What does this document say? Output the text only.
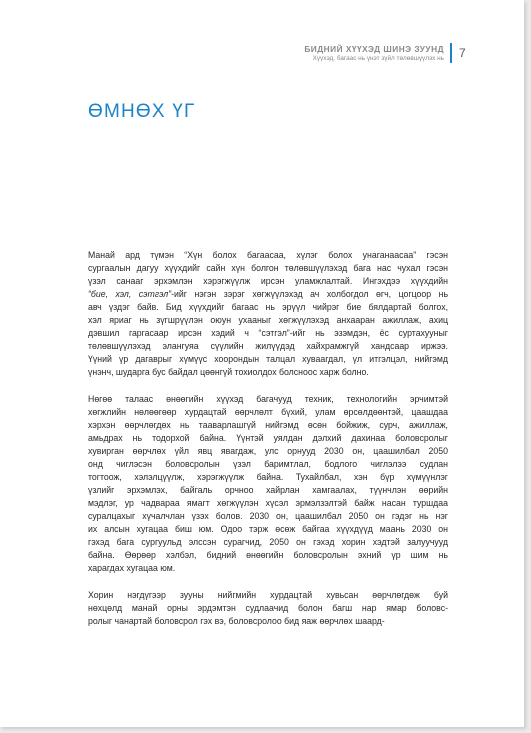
БИДНИЙ ХҮҮХЭД ШИНЭ ЗУУНД
Хүүхэд, багаас нь үнэт зүйл төлөвшүүлэх нь 7
ӨМНӨХ ҮГ

Манай ард түмэн “Хүн болох багаасаа, хүлэг болох унаганаасаа” гэсэн
сургаалын дагуу хүүхдийг сайн хүн болгон төлөвшүүлэхэд бага нас чухал гэсэн
үзэл санааг эрхэмлэн хэрэгжүүлж ирсэн уламжлалтай. Ингэхдээ хүүхдийн
“бие, хэл, сэтгэл”-ийг нэгэн зэрэг хөгжүүлэхэд ач холбогдол өгч, цогцоор нь
авч үздэг байв. Бид хүүхдийг багаас нь эрүүл чийрэг бие бялдартай болгох,
хэл яриаг нь зүгшрүүлэн оюун ухааныг хөгжүүлэхэд анхааран ажиллаж, ахиц
дэвшил гаргасаар ирсэн хэдий ч “сэтгэл”-ийг нь эзэмдэн, ёс суртахууныг
төлөвшүүлэхэд элангуяа сүүлийн жилүүдэд хайхрамжгүй хандсаар иржээ.
Үүний үр дагаврыг хүмүүс хоорондын талцал хуваагдал, үл итгэлцэл, нийгэмд
үнэнч, шударга бус байдал цөөнгүй тохиолдох болсноос харж болно.

Нөгөө талаас өнөөгийн хүүхэд багачууд техник, технологийн эрчимтэй
хөгжлийн нөлөөгөөр хурдацтай өөрчлөлт бүхий, улам өрсөлдөөнтэй, цаашдаа
хэрхэн өөрчлөгдөх нь тааварлашгүй нийгэмд өсөн бойжиж, сурч, ажиллаж,
амьдрах нь тодорхой байна. Үүнтэй уялдан дэлхий дахинаа боловсролыг
хувирган өөрчлөх үйл явц явагдаж, улс орнууд 2030 он, цаашилбал 2050
онд чиглэсэн боловсролын үзэл баримтлал, бодлого чиглэлээ судлан
тогтоож, хэлэлцүүлж, хэрэгжүүлж байна. Тухайлбал, хэн бүр хүмүүнлэг
үзлийг эрхэмлэх, байгаль орчноо хайрлан хамгаалах, түүнчлэн өөрийн
мэдлэг, ур чадвараа ямагт хөгжүүлэн хүсэл эрмэлзэлтэй байж насан туршдаа
суралцахыг хүчалчлан үзэх болов. 2030 он, цаашилбал 2050 он гэдэг нь нэг
их алсын хугацаа биш юм. Одоо тэрж өсөж байгаа хүүхдүүд маань 2030 он
гэхэд бага сургуульд элссэн сурагчид, 2050 он гэхэд хорин хэдтэй залуучууд
байна. Өөрөөр хэлбэл, бидний өнөөгийн боловсролын эхний үр шим нь
харагдах хугацаа юм.

Хорин нэгдүгээр зууны нийгмийн хурдацтай хувьсан өөрчлөгдөж буй
нөхцөлд манай орны эрдэмтэн судлаачид болон багш нар ямар боловс-
ролыг чанартай боловсрол гэх вэ, боловсролоо бид яаж өөрчлөх шаард-
